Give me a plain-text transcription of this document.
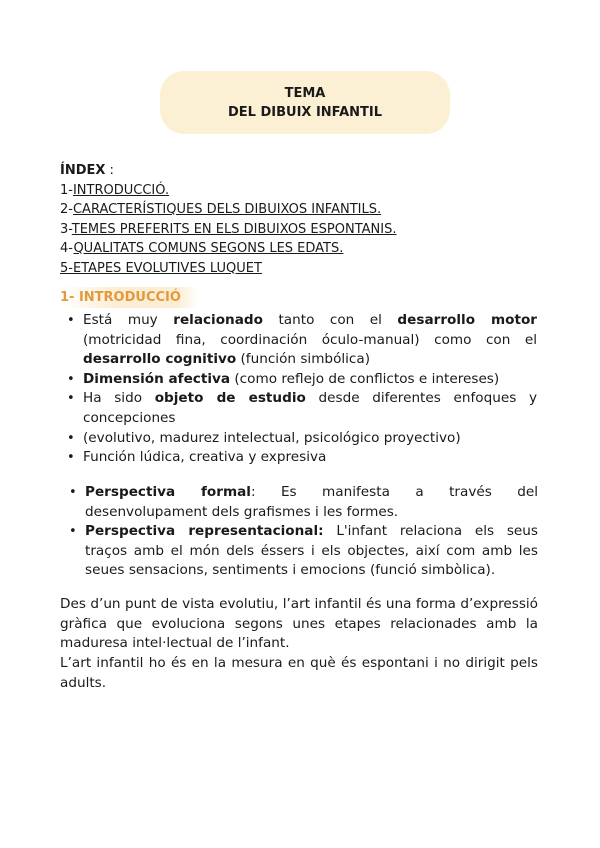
TEMA
DEL DIBUIX INFANTIL
ÍNDEX :
1-INTRODUCCIÓ.
2-CARACTERÍSTIQUES DELS DIBUIXOS INFANTILS.
3-TEMES PREFERITS EN ELS DIBUIXOS ESPONTANIS.
4-QUALITATS COMUNS SEGONS LES EDATS.
5-ETAPES EVOLUTIVES LUQUET
1- INTRODUCCIÓ
• Está muy relacionado tanto con el desarrollo motor (motricidad fina, coordinación óculo-manual) como con el desarrollo cognitivo (función simbólica)
• Dimensión afectiva (como reflejo de conflictos e intereses)
• Ha sido objeto de estudio desde diferentes enfoques y concepciones
• (evolutivo, madurez intelectual, psicológico proyectivo)
• Función lúdica, creativa y expresiva
• Perspectiva formal: Es manifesta a través del desenvolupament dels grafismes i les formes.
• Perspectiva representacional: L'infant relaciona els seus traços amb el món dels éssers i els objectes, així com amb les seues sensacions, sentiments i emocions (funció simbòlica).
Des d’un punt de vista evolutiu, l’art infantil és una forma d’expressió gràfica que evoluciona segons unes etapes relacionades amb la maduresa intel·lectual de l’infant.
L’art infantil ho és en la mesura en què és espontani i no dirigit pels adults.
